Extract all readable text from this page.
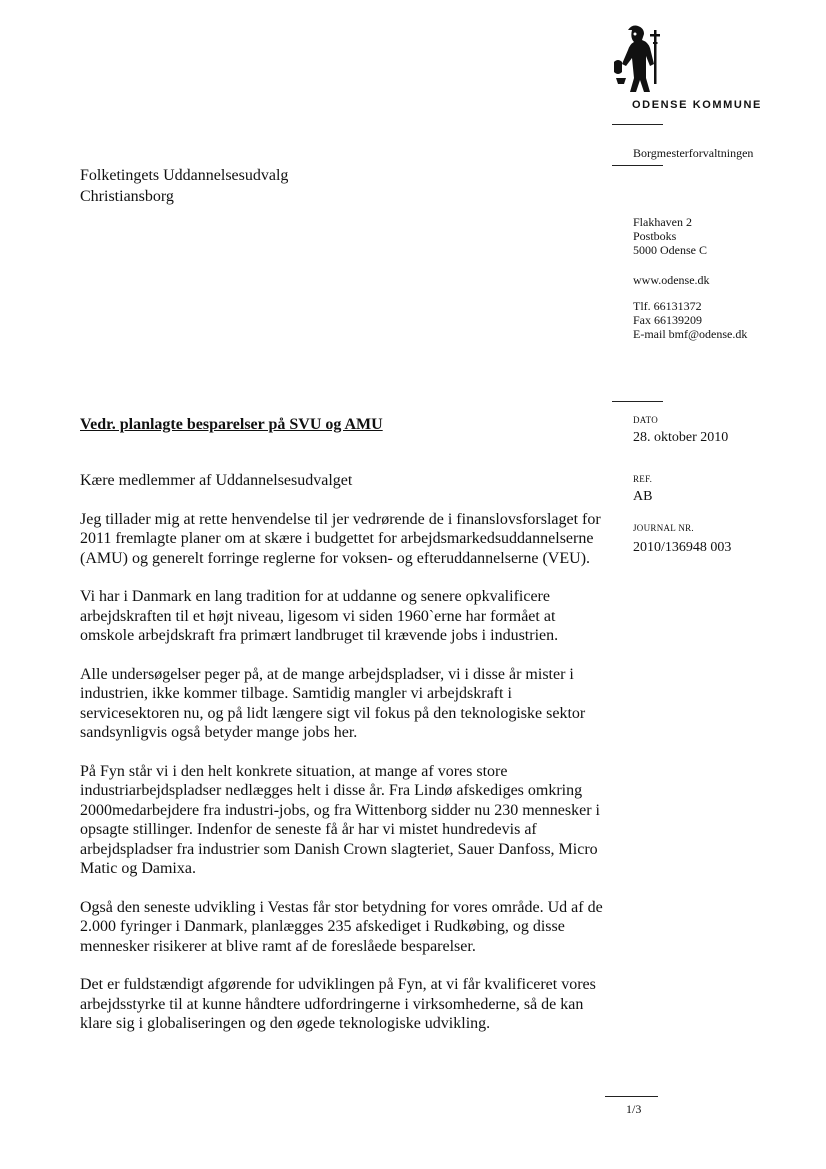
ODENSE KOMMUNE
Borgmesterforvaltningen
Flakhaven 2
Postboks
5000 Odense C
www.odense.dk
Tlf. 66131372
Fax 66139209
E-mail bmf@odense.dk
DATO
28. oktober 2010
REF.
AB
JOURNAL NR.
2010/136948 003
Folketingets Uddannelsesudvalg
Christiansborg
Vedr. planlagte besparelser på SVU og AMU

Kære medlemmer af Uddannelsesudvalget

Jeg tillader mig at rette henvendelse til jer vedrørende de i finanslovsforslaget for 2011 fremlagte planer om at skære i budgettet for arbejdsmarkedsuddannelserne (AMU) og generelt forringe reglerne for voksen- og efteruddannelserne (VEU).

Vi har i Danmark en lang tradition for at uddanne og senere opkvalificere arbejdskraften til et højt niveau, ligesom vi siden 1960`erne har formået at omskole arbejdskraft fra primært landbruget til krævende jobs i industrien.

Alle undersøgelser peger på, at de mange arbejdspladser, vi i disse år mister i industrien, ikke kommer tilbage. Samtidig mangler vi arbejdskraft i servicesektoren nu, og på lidt længere sigt vil fokus på den teknologiske sektor sandsynligvis også betyder mange jobs her.

På Fyn står vi i den helt konkrete situation, at mange af vores store industriarbejdspladser nedlægges helt i disse år. Fra Lindø afskediges omkring 2000medarbejdere fra industri-jobs, og fra Wittenborg sidder nu 230 mennesker i opsagte stillinger. Indenfor de seneste få år har vi mistet hundredevis af arbejdspladser fra industrier som Danish Crown slagteriet, Sauer Danfoss, Micro Matic og Damixa.

Også den seneste udvikling i Vestas får stor betydning for vores område. Ud af de 2.000 fyringer i Danmark, planlægges 235 afskediget i Rudkøbing, og disse mennesker risikerer at blive ramt af de foreslåede besparelser.

Det er fuldstændigt afgørende for udviklingen på Fyn, at vi får kvalificeret vores arbejdsstyrke til at kunne håndtere udfordringerne i virksomhederne, så de kan klare sig i globaliseringen og den øgede teknologiske udvikling.

1/3
